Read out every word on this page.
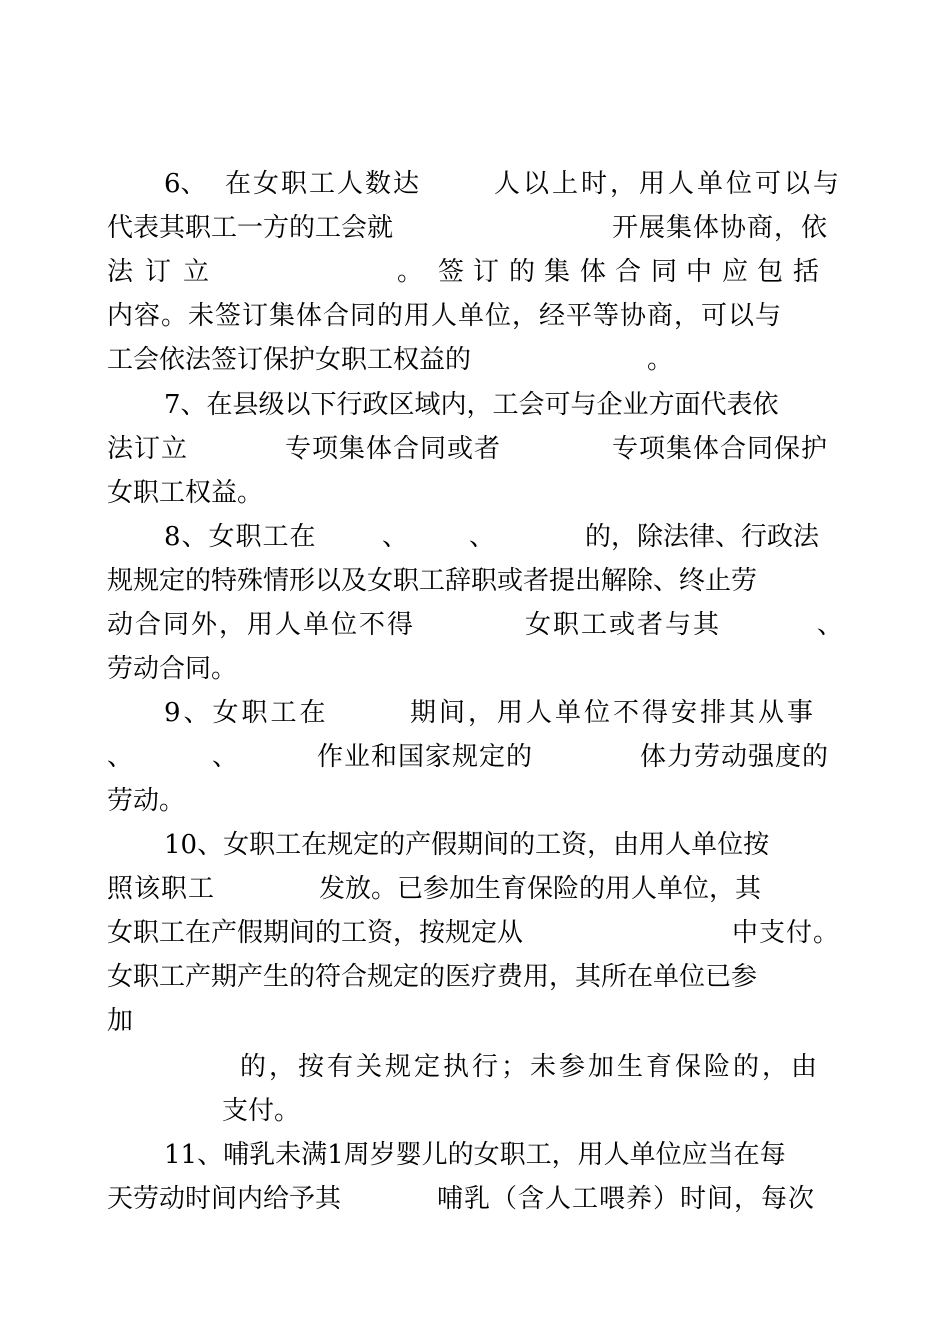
6、 在女职工人数达	人以上时，用人单位可以与
代表其职工一方的工会就	开展集体协商，依
法 订 立	。 签 订 的 集 体 合 同 中 应 包 括
内容。未签订集体合同的用人单位，经平等协商，可以与
工会依法签订保护女职工权益的	。
7、在县级以下行政区域内，工会可与企业方面代表依
法订立	专项集体合同或者	专项集体合同保护
女职工权益。
8、女职工在	、 、	的，除法律、行政法
规规定的特殊情形以及女职工辞职或者提出解除、终止劳
动合同外，用人单位不得	女职工或者与其	、
劳动合同。
9、女职工在	期间，用人单位不得安排其从事
、	、	作业和国家规定的	体力劳动强度的
劳动。
10、女职工在规定的产假期间的工资，由用人单位按
照该职工	发放。已参加生育保险的用人单位，其
女职工在产假期间的工资，按规定从	中支付。
女职工产期产生的符合规定的医疗费用，其所在单位已参
加
的，按有关规定执行；未参加生育保险的，由
支付。
11、哺乳未满1周岁婴儿的女职工，用人单位应当在每
天劳动时间内给予其	哺乳（含人工喂养）时间，每次
